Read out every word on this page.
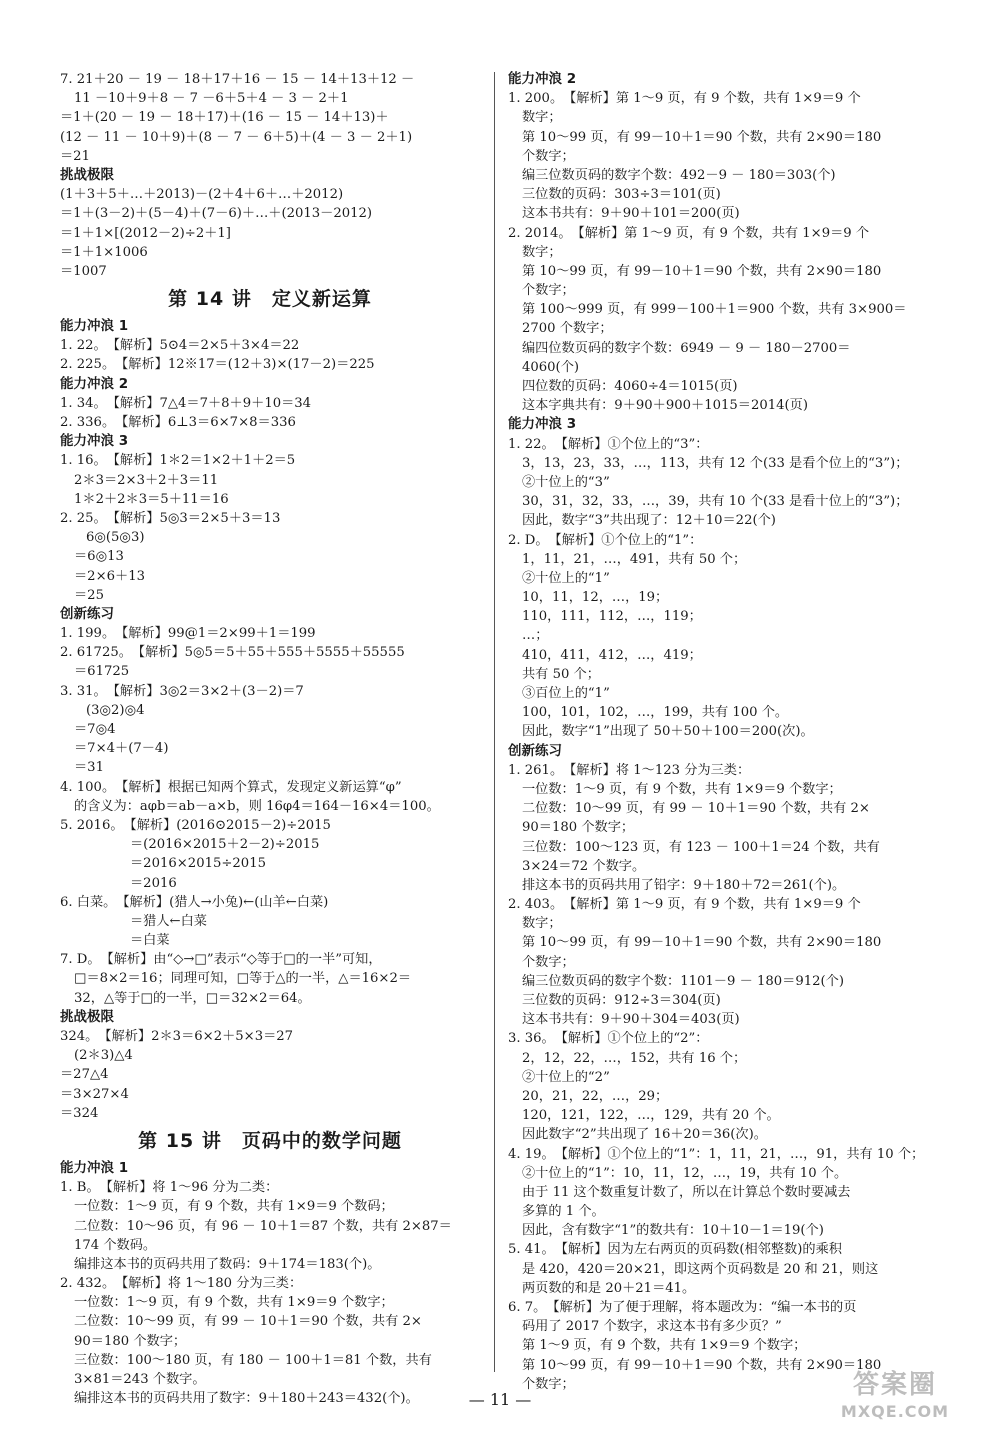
7. 21＋20 － 19 － 18＋17＋16 － 15 － 14＋13＋12 －
11 －10＋9＋8 － 7 －6＋5＋4 － 3 － 2＋1
＝1＋(20 － 19 － 18＋17)＋(16 － 15 － 14＋13)＋
(12 － 11 － 10＋9)＋(8 － 7 － 6＋5)＋(4 － 3 － 2＋1)
＝21
挑战极限
(1＋3＋5＋…＋2013)－(2＋4＋6＋…＋2012)
＝1＋(3－2)＋(5－4)＋(7－6)＋…＋(2013－2012)
＝1＋1×[(2012－2)÷2＋1]
＝1＋1×1006
＝1007
第 14 讲　定义新运算
能力冲浪 1
1. 22。　【解析】5⊙4＝2×5＋3×4＝22
2. 225。　【解析】12※17＝(12＋3)×(17－2)＝225
能力冲浪 2
1. 34。　【解析】7△4＝7＋8＋9＋10＝34
2. 336。　【解析】6⊥3＝6×7×8＝336
能力冲浪 3
1. 16。　【解析】1＊2＝1×2＋1＋2＝5
2＊3＝2×3＋2＋3＝11
1＊2＋2＊3＝5＋11＝16
2. 25。　【解析】5◎3＝2×5＋3＝13
6◎(5◎3)
＝6◎13
＝2×6＋13
＝25
创新练习
1. 199。　【解析】99@1＝2×99＋1＝199
2. 61725。　【解析】5◎5＝5＋55＋555＋5555＋55555
＝61725
3. 31。　【解析】3◎2＝3×2＋(3－2)＝7
(3◎2)◎4
＝7◎4
＝7×4＋(7－4)
＝31
4. 100。　【解析】根据已知两个算式，发现定义新运算“φ”
的含义为：aφb＝ab－a×b，则 16φ4＝164－16×4＝100。
5. 2016。　【解析】(2016⊙2015－2)÷2015
＝(2016×2015＋2－2)÷2015
＝2016×2015÷2015
＝2016
6. 白菜。　【解析】(猎人→小兔)←(山羊←白菜)
＝猎人←白菜
＝白菜
7. D。　【解析】由“◇→□”表示“◇等于□的一半”可知，
□＝8×2＝16；同理可知，□等于△的一半，△＝16×2＝
32，△等于□的一半，□＝32×2＝64。
挑战极限
324。　【解析】2＊3＝6×2＋5×3＝27
(2＊3)△4
＝27△4
＝3×27×4
＝324
第 15 讲　页码中的数学问题
能力冲浪 1
1. B。　【解析】将 1～96 分为二类：
一位数：1～9 页，有 9 个数，共有 1×9＝9 个数码；
二位数：10～96 页，有 96 － 10＋1＝87 个数，共有 2×87＝
174 个数码。
编排这本书的页码共用了数码：9＋174＝183(个)。
2. 432。　【解析】将 1～180 分为三类：
一位数：1～9 页，有 9 个数，共有 1×9＝9 个数字；
二位数：10～99 页，有 99 － 10＋1＝90 个数，共有 2×
90＝180 个数字；
三位数：100～180 页，有 180 － 100＋1＝81 个数，共有
3×81＝243 个数字。
编排这本书的页码共用了数字：9＋180＋243＝432(个)。
能力冲浪 2
1. 200。　【解析】第 1～9 页，有 9 个数，共有 1×9＝9 个
数字；
第 10～99 页，有 99－10＋1＝90 个数，共有 2×90＝180
个数字；
编三位数页码的数字个数：492－9 － 180＝303(个)
三位数的页码：303÷3＝101(页)
这本书共有：9＋90＋101＝200(页)
2. 2014。　【解析】第 1～9 页，有 9 个数，共有 1×9＝9 个
数字；
第 10～99 页，有 99－10＋1＝90 个数，共有 2×90＝180
个数字；
第 100～999 页，有 999－100＋1＝900 个数，共有 3×900＝
2700 个数字；
编四位数页码的数字个数：6949 － 9 － 180－2700＝
4060(个)
四位数的页码：4060÷4＝1015(页)
这本字典共有：9＋90＋900＋1015＝2014(页)
能力冲浪 3
1. 22。　【解析】①个位上的“3”：
3，13，23，33，…，113，共有 12 个(33 是看个位上的“3”)；
②十位上的“3”
30，31，32，33，…，39，共有 10 个(33 是看十位上的“3”)；
因此，数字“3”共出现了：12＋10＝22(个)
2. D。　【解析】①个位上的“1”：
1，11，21，…，491，共有 50 个；
②十位上的“1”
10，11，12，…，19；
110，111，112，…，119；
…；
410，411，412，…，419；
共有 50 个；
③百位上的“1”
100，101，102，…，199，共有 100 个。
因此，数字“1”出现了 50＋50＋100＝200(次)。
创新练习
1. 261。　【解析】将 1～123 分为三类：
一位数：1～9 页，有 9 个数，共有 1×9＝9 个数字；
二位数：10～99 页，有 99 － 10＋1＝90 个数，共有 2×
90＝180 个数字；
三位数：100～123 页，有 123 － 100＋1＝24 个数，共有
3×24＝72 个数字。
排这本书的页码共用了铅字：9＋180＋72＝261(个)。
2. 403。　【解析】第 1～9 页，有 9 个数，共有 1×9＝9 个
数字；
第 10～99 页，有 99－10＋1＝90 个数，共有 2×90＝180
个数字；
编三位数页码的数字个数：1101－9 － 180＝912(个)
三位数的页码：912÷3＝304(页)
这本书共有：9＋90＋304＝403(页)
3. 36。　【解析】①个位上的“2”：
2，12，22，…，152，共有 16 个；
②十位上的“2”
20，21，22，…，29；
120，121，122，…，129，共有 20 个。
因此数字“2”共出现了 16＋20＝36(次)。
4. 19。　【解析】①个位上的“1”：1，11，21，…，91，共有 10 个；
②十位上的“1”：10，11，12，…，19，共有 10 个。
由于 11 这个数重复计数了，所以在计算总个数时要减去
多算的 1 个。
因此，含有数字“1”的数共有：10＋10－1＝19(个)
5. 41。　【解析】因为左右两页的页码数(相邻整数)的乘积
是 420，420＝20×21，即这两个页码数是 20 和 21，则这
两页数的和是 20＋21＝41。
6. 7。　【解析】为了便于理解，将本题改为：“编一本书的页
码用了 2017 个数字，求这本书有多少页？”
第 1～9 页，有 9 个数，共有 1×9＝9 个数字；
第 10～99 页，有 99－10＋1＝90 个数，共有 2×90＝180
个数字；
— 11 —	答案圈
MXQE.COM
